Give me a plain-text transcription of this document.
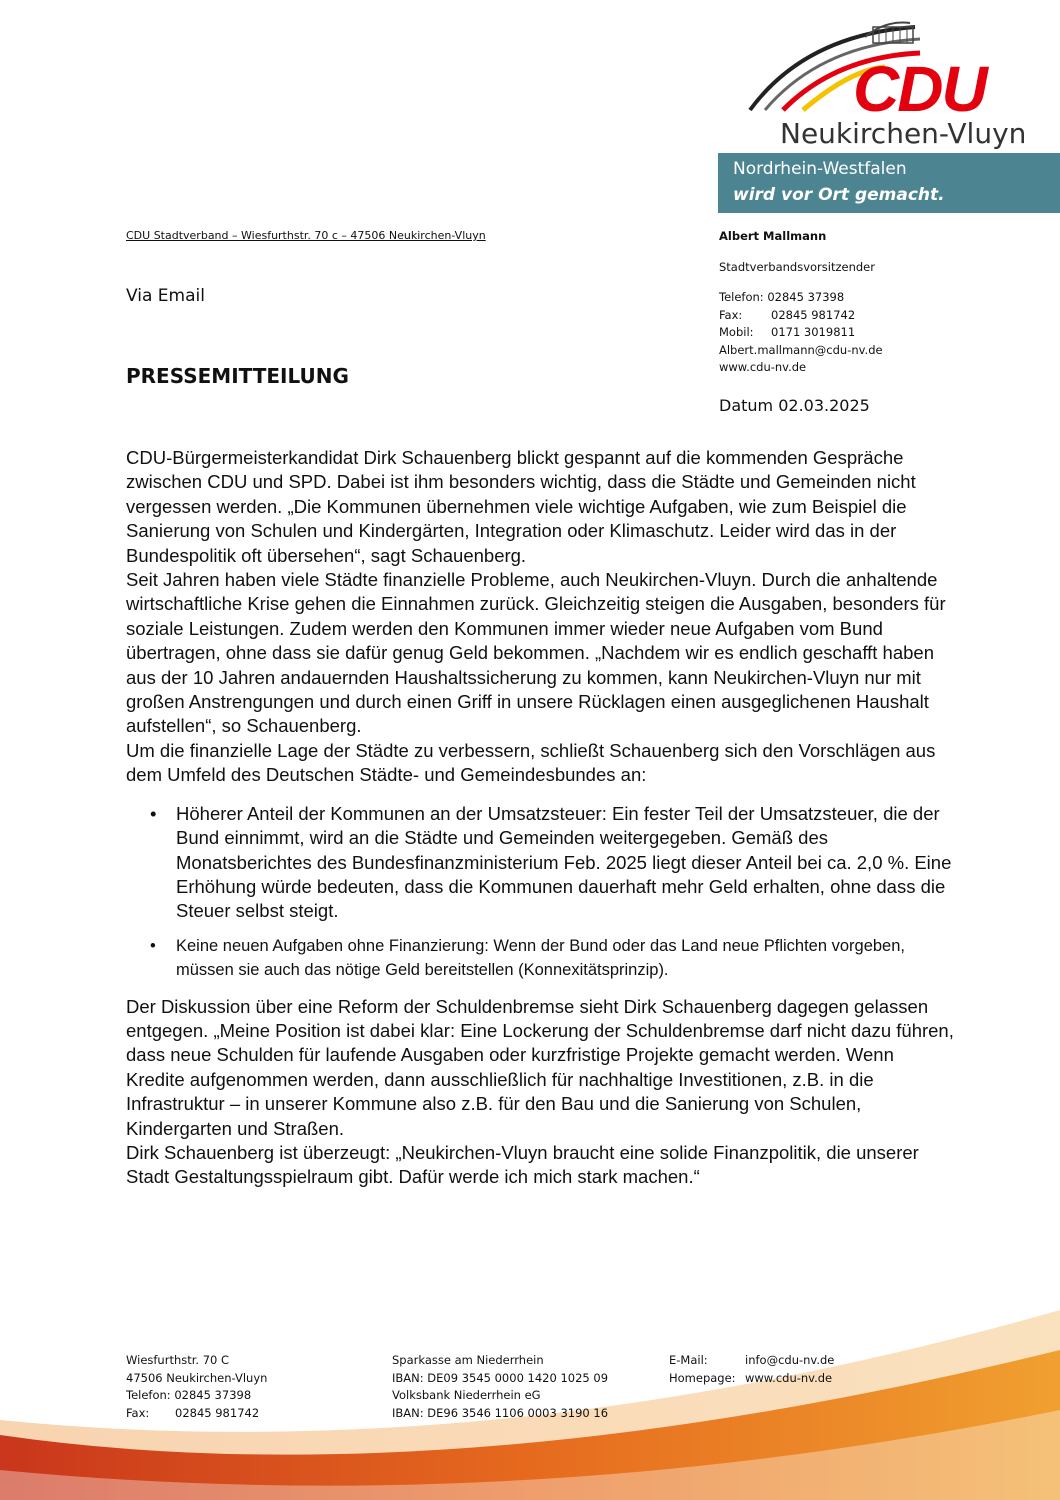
CDU
Neukirchen-Vluyn
Nordrhein-Westfalen
wird vor Ort gemacht.
CDU Stadtverband – Wiesfurthstr. 70 c – 47506 Neukirchen-Vluyn
Via Email
PRESSEMITTEILUNG
Albert Mallmann
Stadtverbandsvorsitzender
Telefon: 02845 37398
Fax: 02845 981742
Mobil: 0171 3019811
Albert.mallmann@cdu-nv.de
www.cdu-nv.de
Datum 02.03.2025

CDU-Bürgermeisterkandidat Dirk Schauenberg blickt gespannt auf die kommenden Gespräche zwischen CDU und SPD. Dabei ist ihm besonders wichtig, dass die Städte und Gemeinden nicht vergessen werden. „Die Kommunen übernehmen viele wichtige Aufgaben, wie zum Beispiel die Sanierung von Schulen und Kindergärten, Integration oder Klimaschutz. Leider wird das in der Bundespolitik oft übersehen“, sagt Schauenberg.

Seit Jahren haben viele Städte finanzielle Probleme, auch Neukirchen-Vluyn. Durch die anhaltende wirtschaftliche Krise gehen die Einnahmen zurück. Gleichzeitig steigen die Ausgaben, besonders für soziale Leistungen. Zudem werden den Kommunen immer wieder neue Aufgaben vom Bund übertragen, ohne dass sie dafür genug Geld bekommen. „Nachdem wir es endlich geschafft haben aus der 10 Jahren andauernden Haushaltssicherung zu kommen, kann Neukirchen-Vluyn nur mit großen Anstrengungen und durch einen Griff in unsere Rücklagen einen ausgeglichenen Haushalt aufstellen“, so Schauenberg.

Um die finanzielle Lage der Städte zu verbessern, schließt Schauenberg sich den Vorschlägen aus dem Umfeld des Deutschen Städte- und Gemeindesbundes an:

• Höherer Anteil der Kommunen an der Umsatzsteuer: Ein fester Teil der Umsatzsteuer, die der Bund einnimmt, wird an die Städte und Gemeinden weitergegeben. Gemäß des Monatsberichtes des Bundesfinanzministerium Feb. 2025 liegt dieser Anteil bei ca. 2,0 %. Eine Erhöhung würde bedeuten, dass die Kommunen dauerhaft mehr Geld erhalten, ohne dass die Steuer selbst steigt.
• Keine neuen Aufgaben ohne Finanzierung: Wenn der Bund oder das Land neue Pflichten vorgeben, müssen sie auch das nötige Geld bereitstellen (Konnexitätsprinzip).

Der Diskussion über eine Reform der Schuldenbremse sieht Dirk Schauenberg dagegen gelassen entgegen. „Meine Position ist dabei klar: Eine Lockerung der Schuldenbremse darf nicht dazu führen, dass neue Schulden für laufende Ausgaben oder kurzfristige Projekte gemacht werden. Wenn Kredite aufgenommen werden, dann ausschließlich für nachhaltige Investitionen, z.B. in die Infrastruktur – in unserer Kommune also z.B. für den Bau und die Sanierung von Schulen, Kindergarten und Straßen.

Dirk Schauenberg ist überzeugt: „Neukirchen-Vluyn braucht eine solide Finanzpolitik, die unserer Stadt Gestaltungsspielraum gibt. Dafür werde ich mich stark machen.“

Wiesfurthstr. 70 C
47506 Neukirchen-Vluyn
Telefon: 02845 37398
Fax: 02845 981742
Sparkasse am Niederrhein
IBAN: DE09 3545 0000 1420 1025 09
Volksbank Niederrhein eG
IBAN: DE96 3546 1106 0003 3190 16
E-Mail:	info@cdu-nv.de
Homepage: www.cdu-nv.de
